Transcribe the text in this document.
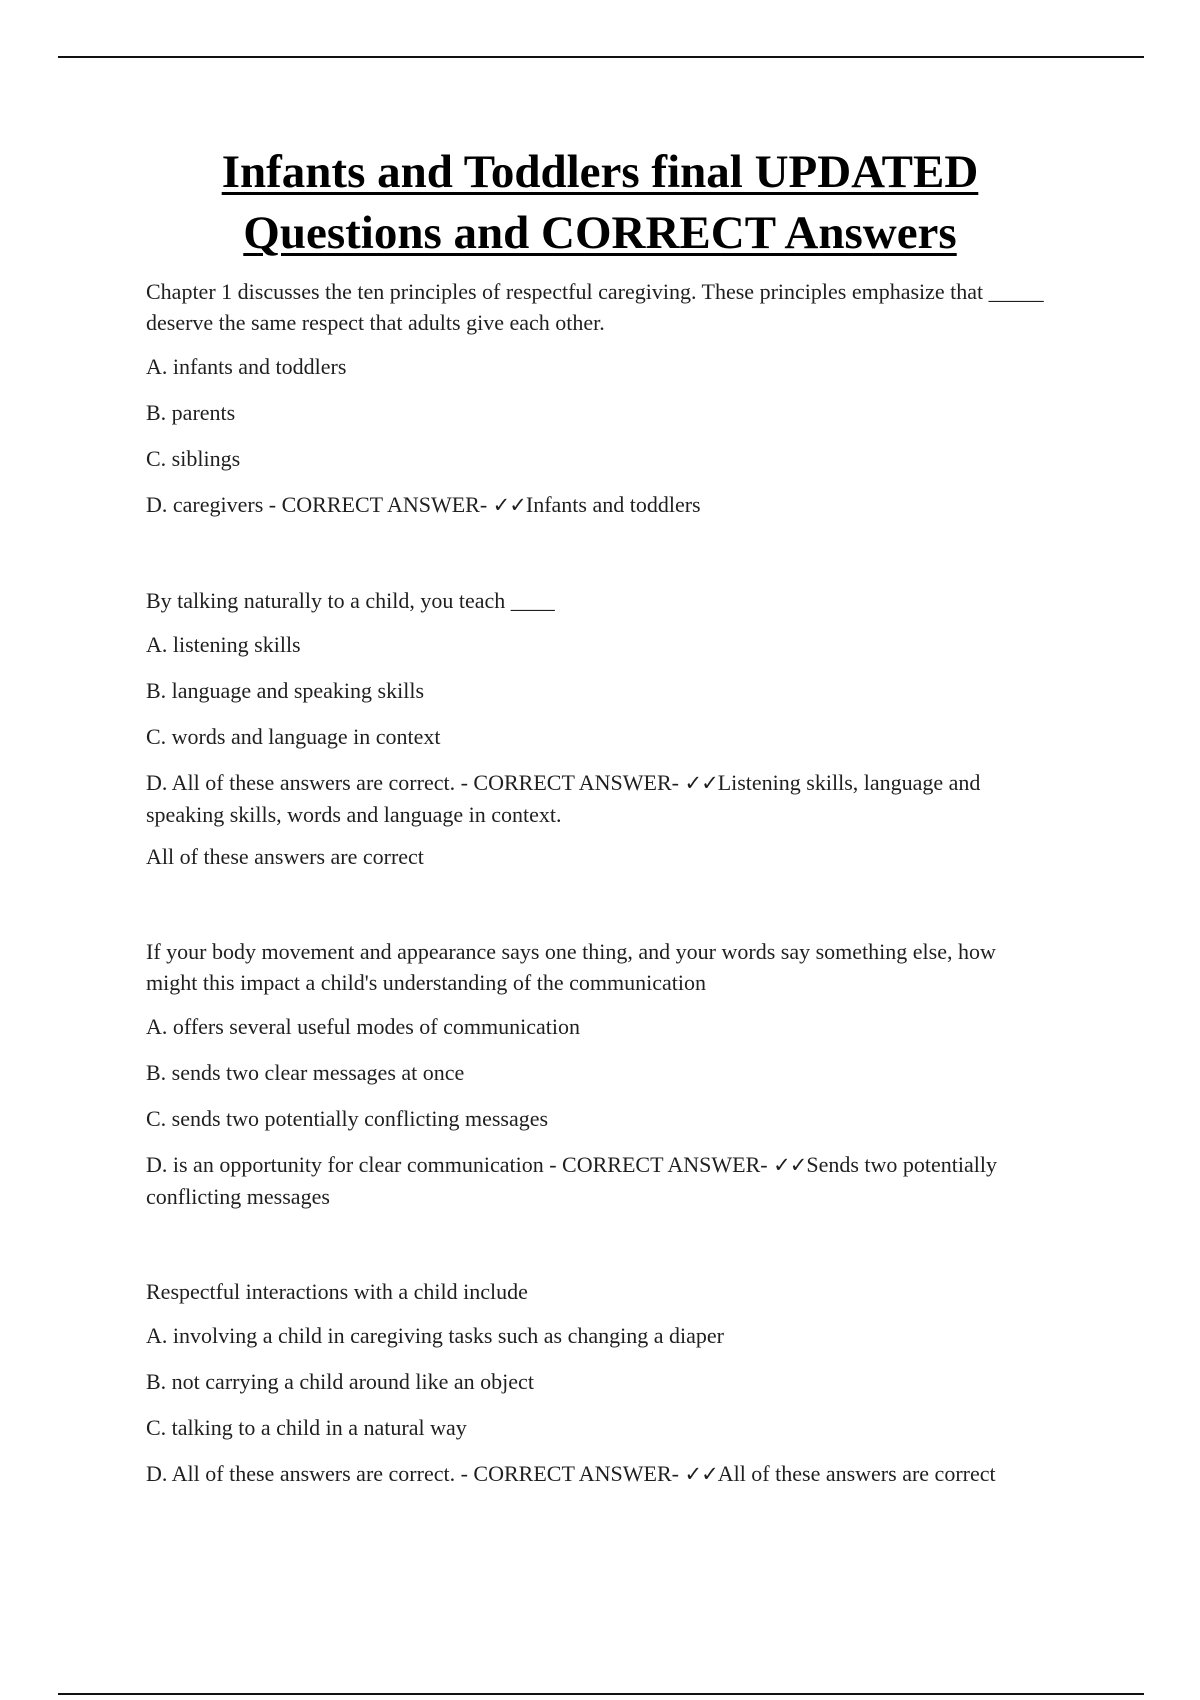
Infants and Toddlers final UPDATED
Questions and CORRECT Answers

Chapter 1 discusses the ten principles of respectful caregiving. These principles emphasize that _____ deserve the same respect that adults give each other.

A. infants and toddlers

B. parents

C. siblings

D. caregivers - CORRECT ANSWER- ✓✓Infants and toddlers

By talking naturally to a child, you teach ____

A. listening skills

B. language and speaking skills

C. words and language in context

D. All of these answers are correct. - CORRECT ANSWER- ✓✓Listening skills, language and speaking skills, words and language in context.

All of these answers are correct

If your body movement and appearance says one thing, and your words say something else, how might this impact a child's understanding of the communication

A. offers several useful modes of communication

B. sends two clear messages at once

C. sends two potentially conflicting messages

D. is an opportunity for clear communication - CORRECT ANSWER- ✓✓Sends two potentially conflicting messages

Respectful interactions with a child include

A. involving a child in caregiving tasks such as changing a diaper

B. not carrying a child around like an object

C. talking to a child in a natural way

D. All of these answers are correct. - CORRECT ANSWER- ✓✓All of these answers are correct
